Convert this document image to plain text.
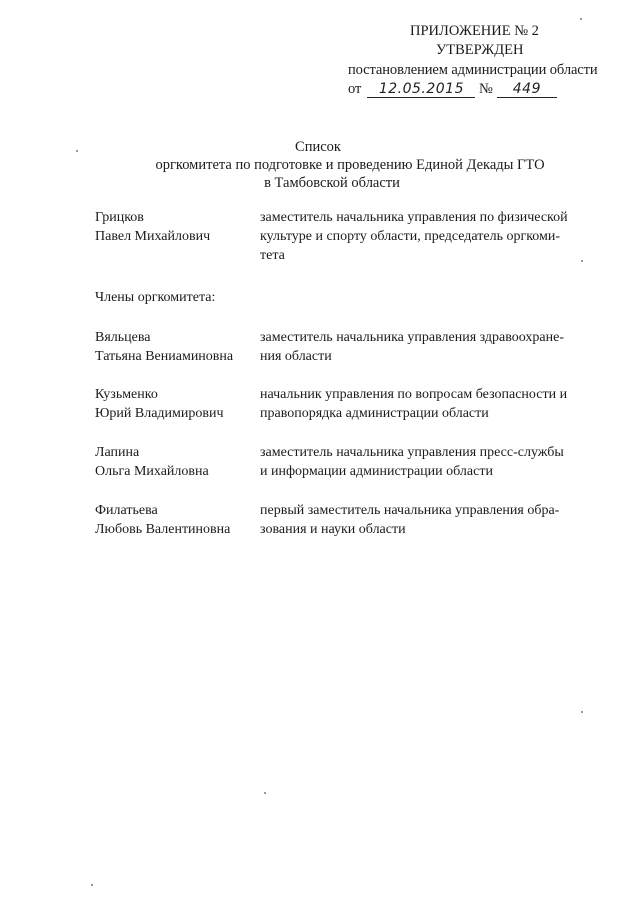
ПРИЛОЖЕНИЕ № 2
УТВЕРЖДЕН
постановлением администрации области
от 12.05.2015 № 449
Список
оргкомитета по подготовке и проведению Единой Декады ГТО
в Тамбовской области
Грицков
Павел Михайлович
заместитель начальника управления по физической
культуре и спорту области, председатель оргкоми-
тета
Члены оргкомитета:
Вяльцева
Татьяна Вениаминовна
заместитель начальника управления здравоохране-
ния области
Кузьменко
Юрий Владимирович
начальник управления по вопросам безопасности и
правопорядка администрации области
Лапина
Ольга Михайловна
заместитель начальника управления пресс-службы
и информации администрации области
Филатьева
Любовь Валентиновна
первый заместитель начальника управления обра-
зования и науки области
